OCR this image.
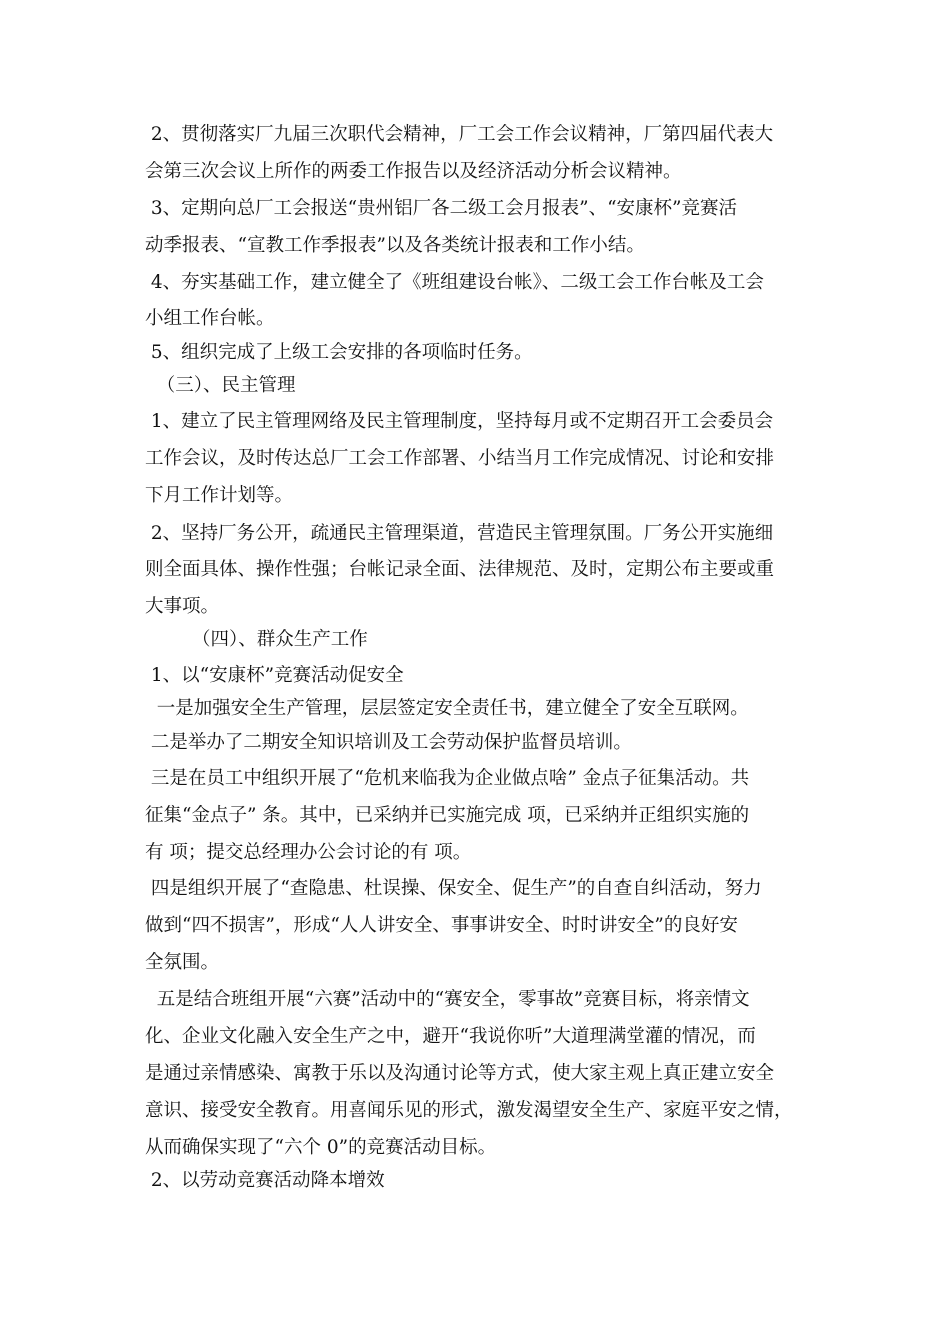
2、贯彻落实厂九届三次职代会精神，厂工会工作会议精神，厂第四届代表大
会第三次会议上所作的两委工作报告以及经济活动分析会议精神。
3、定期向总厂工会报送“贵州铝厂各二级工会月报表”、“安康杯”竞赛活
动季报表、“宣教工作季报表”以及各类统计报表和工作小结。
4、夯实基础工作，建立健全了《班组建设台帐》、二级工会工作台帐及工会
小组工作台帐。
5、组织完成了上级工会安排的各项临时任务。
（三）、民主管理
1、建立了民主管理网络及民主管理制度，坚持每月或不定期召开工会委员会
工作会议，及时传达总厂工会工作部署、小结当月工作完成情况、讨论和安排
下月工作计划等。
2、坚持厂务公开，疏通民主管理渠道，营造民主管理氛围。厂务公开实施细
则全面具体、操作性强；台帐记录全面、法律规范、及时，定期公布主要或重
大事项。
（四）、群众生产工作
1、以“安康杯”竞赛活动促安全
一是加强安全生产管理，层层签定安全责任书，建立健全了安全互联网。
二是举办了二期安全知识培训及工会劳动保护监督员培训。
三是在员工中组织开展了“危机来临我为企业做点啥” 金点子征集活动。共
征集“金点子” 条。其中，已采纳并已实施完成 项，已采纳并正组织实施的
有 项；提交总经理办公会讨论的有 项。
四是组织开展了“查隐患、杜误操、保安全、促生产”的自查自纠活动，努力
做到“四不损害”，形成“人人讲安全、事事讲安全、时时讲安全”的良好安
全氛围。
五是结合班组开展“六赛”活动中的“赛安全，零事故”竞赛目标，将亲情文
化、企业文化融入安全生产之中，避开“我说你听”大道理满堂灌的情况，而
是通过亲情感染、寓教于乐以及沟通讨论等方式，使大家主观上真正建立安全
意识、接受安全教育。用喜闻乐见的形式，激发渴望安全生产、家庭平安之情，
从而确保实现了“六个 0”的竞赛活动目标。
2、以劳动竞赛活动降本增效
